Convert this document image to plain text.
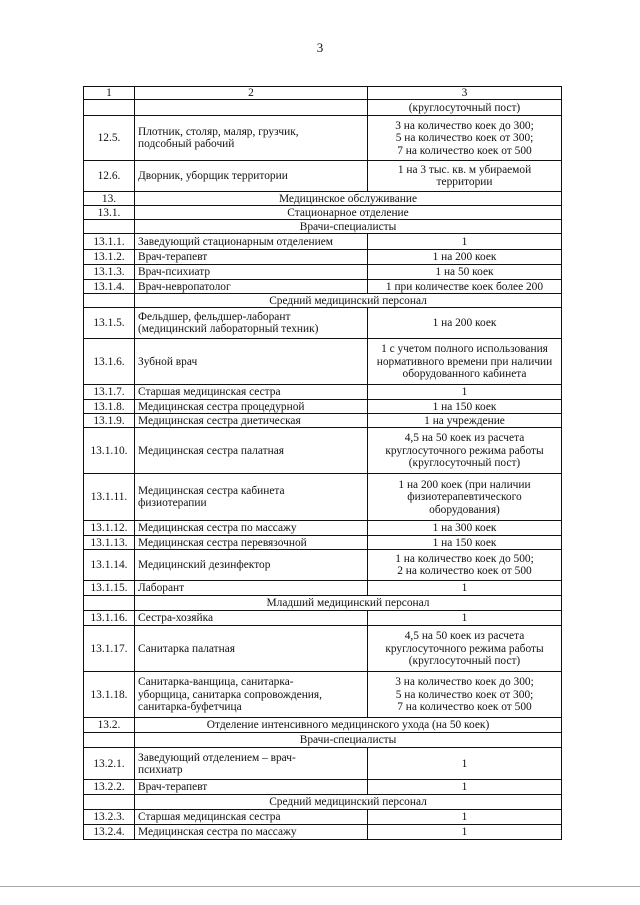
3
1	2	3
		(круглосуточный пост)
12.5.	Плотник, столяр, маляр, грузчик,
подсобный рабочий	3 на количество коек до 300;
5 на количество коек от 300;
7 на количество коек от 500
12.6.	Дворник, уборщик территории	1 на 3 тыс. кв. м убираемой
территории
13.	Медицинское обслуживание	
13.1.	Стационарное отделение	
	Врачи-специалисты	
13.1.1.	Заведующий стационарным отделением	1
13.1.2.	Врач-терапевт	1 на 200 коек
13.1.3.	Врач-психиатр	1 на 50 коек
13.1.4.	Врач-невропатолог	1 при количестве коек более 200
	Средний медицинский персонал	
13.1.5.	Фельдшер, фельдшер-лаборант
(медицинский лабораторный техник)	1 на 200 коек
13.1.6.	Зубной врач	1 с учетом полного использования
нормативного времени при наличии
оборудованного кабинета
13.1.7.	Старшая медицинская сестра	1
13.1.8.	Медицинская сестра процедурной	1 на 150 коек
13.1.9.	Медицинская сестра диетическая	1 на учреждение
13.1.10.	Медицинская сестра палатная	4,5 на 50 коек из расчета
круглосуточного режима работы
(круглосуточный пост)
13.1.11.	Медицинская сестра кабинета
физиотерапии	1 на 200 коек (при наличии
физиотерапевтического
оборудования)
13.1.12.	Медицинская сестра по массажу	1 на 300 коек
13.1.13.	Медицинская сестра перевязочной	1 на 150 коек
13.1.14.	Медицинский дезинфектор	1 на количество коек до 500;
2 на количество коек от 500
13.1.15.	Лаборант	1
	Младший медицинский персонал	
13.1.16.	Сестра-хозяйка	1
13.1.17.	Санитарка палатная	4,5 на 50 коек из расчета
круглосуточного режима работы
(круглосуточный пост)
13.1.18.	Санитарка-ванщица, санитарка-
уборщица, санитарка сопровождения,
санитарка-буфетчица	3 на количество коек до 300;
5 на количество коек от 300;
7 на количество коек от 500
13.2.	Отделение интенсивного медицинского ухода (на 50 коек)	
	Врачи-специалисты	
13.2.1.	Заведующий отделением – врач-
психиатр	1
13.2.2.	Врач-терапевт	1
	Средний медицинский персонал	
13.2.3.	Старшая медицинская сестра	1
13.2.4.	Медицинская сестра по массажу	1
